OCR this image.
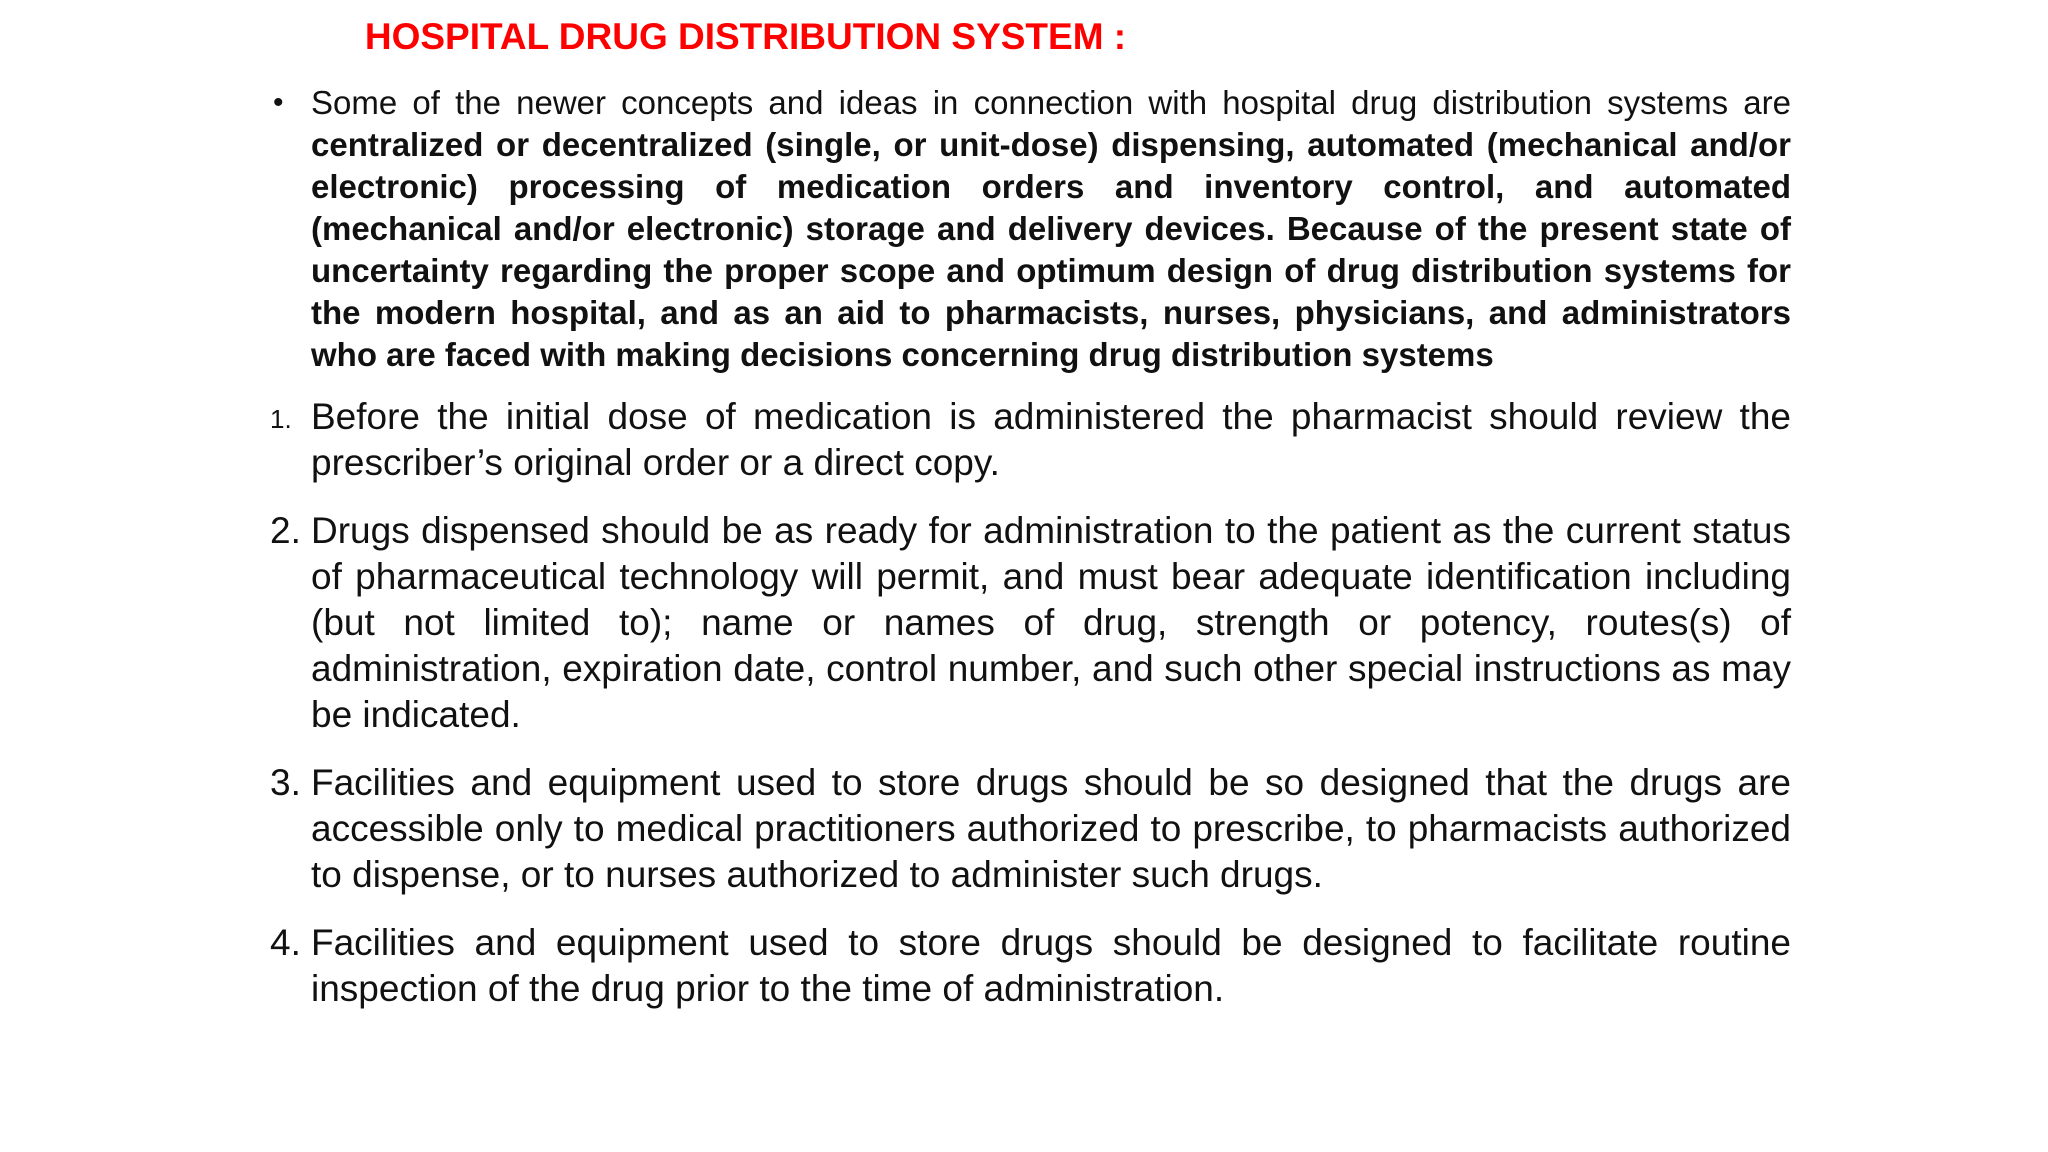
HOSPITAL DRUG DISTRIBUTION SYSTEM :

• Some of the newer concepts and ideas in connection with hospital drug distribution systems are centralized or decentralized (single, or unit-dose) dispensing, automated (mechanical and/or electronic) processing of medication orders and inventory control, and automated (mechanical and/or electronic) storage and delivery devices. Because of the present state of uncertainty regarding the proper scope and optimum design of drug distribution systems for the modern hospital, and as an aid to pharmacists, nurses, physicians, and administrators who are faced with making decisions concerning drug distribution systems

1. Before the initial dose of medication is administered the pharmacist should review the prescriber’s original order or a direct copy.

2. Drugs dispensed should be as ready for administration to the patient as the current status of pharmaceutical technology will permit, and must bear adequate identification including (but not limited to); name or names of drug, strength or potency, routes(s) of administration, expiration date, control number, and such other special instructions as may be indicated.

3. Facilities and equipment used to store drugs should be so designed that the drugs are accessible only to medical practitioners authorized to prescribe, to pharmacists authorized to dispense, or to nurses authorized to administer such drugs.

4. Facilities and equipment used to store drugs should be designed to facilitate routine inspection of the drug prior to the time of administration.
